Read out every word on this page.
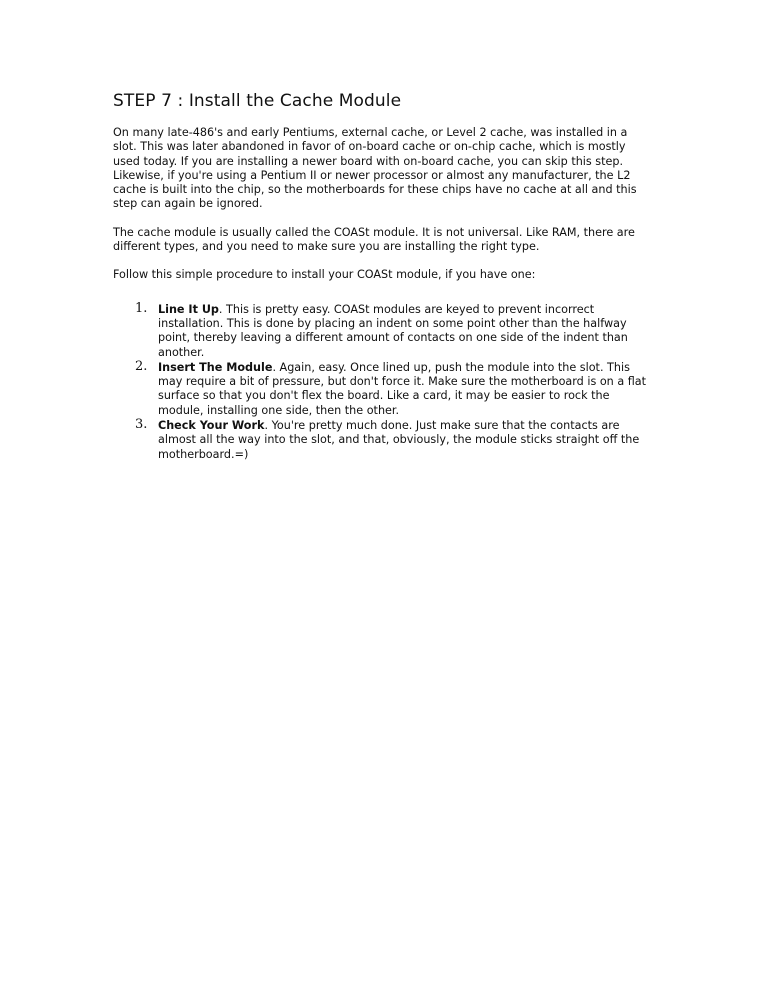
STEP 7 : Install the Cache Module

On many late-486's and early Pentiums, external cache, or Level 2 cache, was installed in a slot. This was later abandoned in favor of on-board cache or on-chip cache, which is mostly used today. If you are installing a newer board with on-board cache, you can skip this step. Likewise, if you're using a Pentium II or newer processor or almost any manufacturer, the L2 cache is built into the chip, so the motherboards for these chips have no cache at all and this step can again be ignored.

The cache module is usually called the COASt module. It is not universal. Like RAM, there are different types, and you need to make sure you are installing the right type.

Follow this simple procedure to install your COASt module, if you have one:

1. Line It Up. This is pretty easy. COASt modules are keyed to prevent incorrect installation. This is done by placing an indent on some point other than the halfway point, thereby leaving a different amount of contacts on one side of the indent than another.
2. Insert The Module. Again, easy. Once lined up, push the module into the slot. This may require a bit of pressure, but don't force it. Make sure the motherboard is on a flat surface so that you don't flex the board. Like a card, it may be easier to rock the module, installing one side, then the other.
3. Check Your Work. You're pretty much done. Just make sure that the contacts are almost all the way into the slot, and that, obviously, the module sticks straight off the motherboard.=)
